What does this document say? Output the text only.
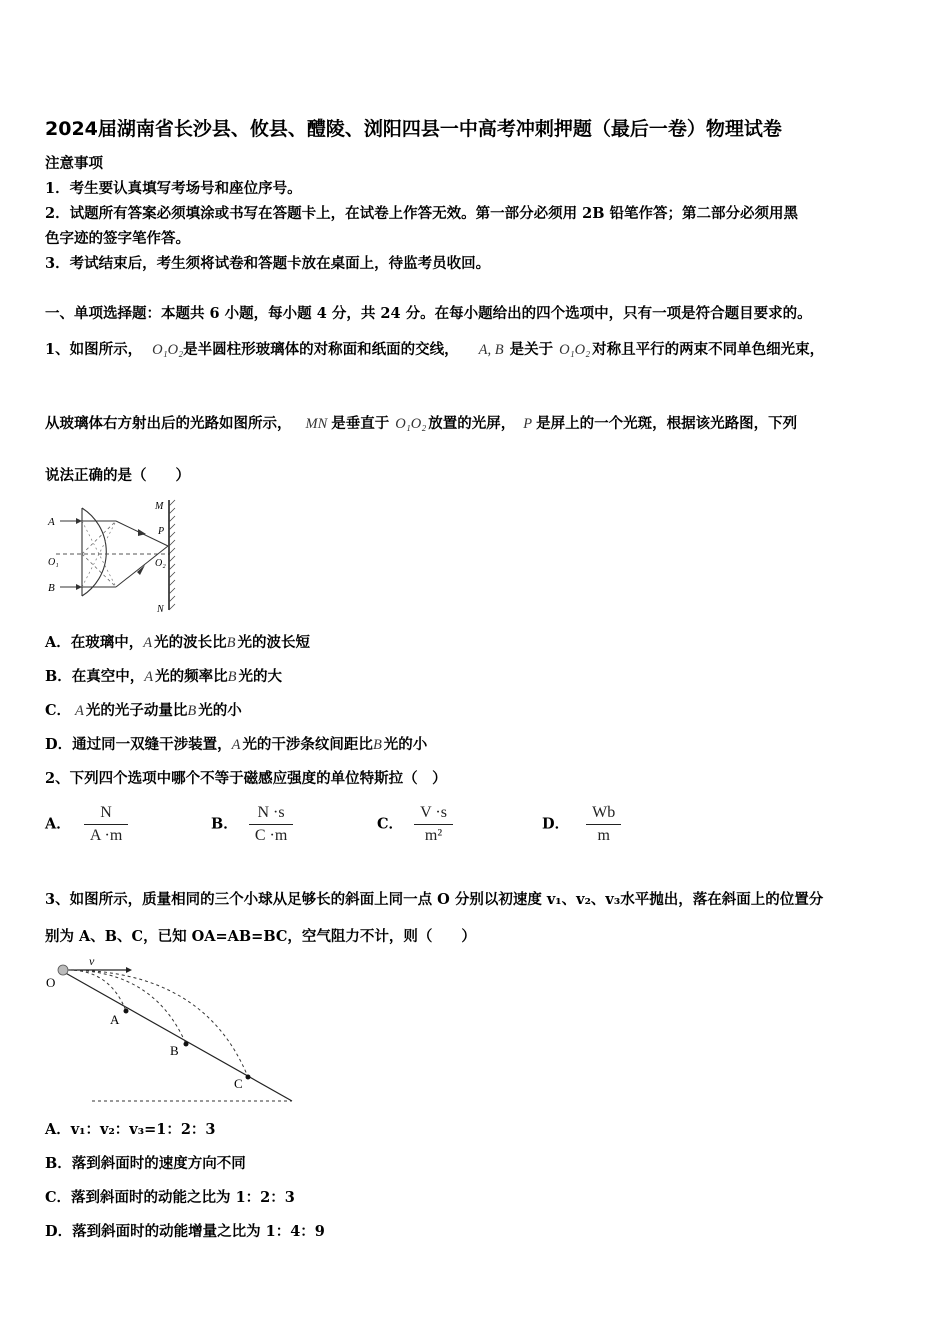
2024届湖南省长沙县、攸县、醴陵、浏阳四县一中高考冲刺押题（最后一卷）物理试卷
注意事项
1．考生要认真填写考场号和座位序号。
2．试题所有答案必须填涂或书写在答题卡上，在试卷上作答无效。第一部分必须用 2B 铅笔作答；第二部分必须用黑
色字迹的签字笔作答。
3．考试结束后，考生须将试卷和答题卡放在桌面上，待监考员收回。
一、单项选择题：本题共 6 小题，每小题 4 分，共 24 分。在每小题给出的四个选项中，只有一项是符合题目要求的。
1、如图所示， O₁O₂是半圆柱形玻璃体的对称面和纸面的交线， A, B 是关于 O₁O₂ 对称且平行的两束不同单色细光束，
从玻璃体右方射出后的光路如图所示， MN 是垂直于 O₁O₂ 放置的光屏， P 是屏上的一个光斑，根据该光路图，下列
说法正确的是（　　）
A
B
O₁	O₂
M
N
P
A．在玻璃中，A 光的波长比B 光的波长短
B．在真空中，A 光的频率比B 光的大
C． A 光的光子动量比B 光的小
D．通过同一双缝干涉装置，A 光的干涉条纹间距比B 光的小
2、下列四个选项中哪个不等于磁感应强度的单位特斯拉（　）
A． $\frac{N}{A \cdot m}$	B． $\frac{N \cdot s}{C \cdot m}$	C． $\frac{V \cdot s}{\text{m²}}$	D． $\frac{Wb}{m}$
3、如图所示，质量相同的三个小球从足够长的斜面上同一点 O 分别以初速度 v₁、v₂、v₃水平抛出，落在斜面上的位置分
别为 A、B、C，已知 OA=AB=BC，空气阻力不计，则（　　）
O
v
A
B
C
A．v₁：v₂：v₃=1：2：3
B．落到斜面时的速度方向不同
C．落到斜面时的动能之比为 1：2：3
D．落到斜面时的动能增量之比为 1：4：9
